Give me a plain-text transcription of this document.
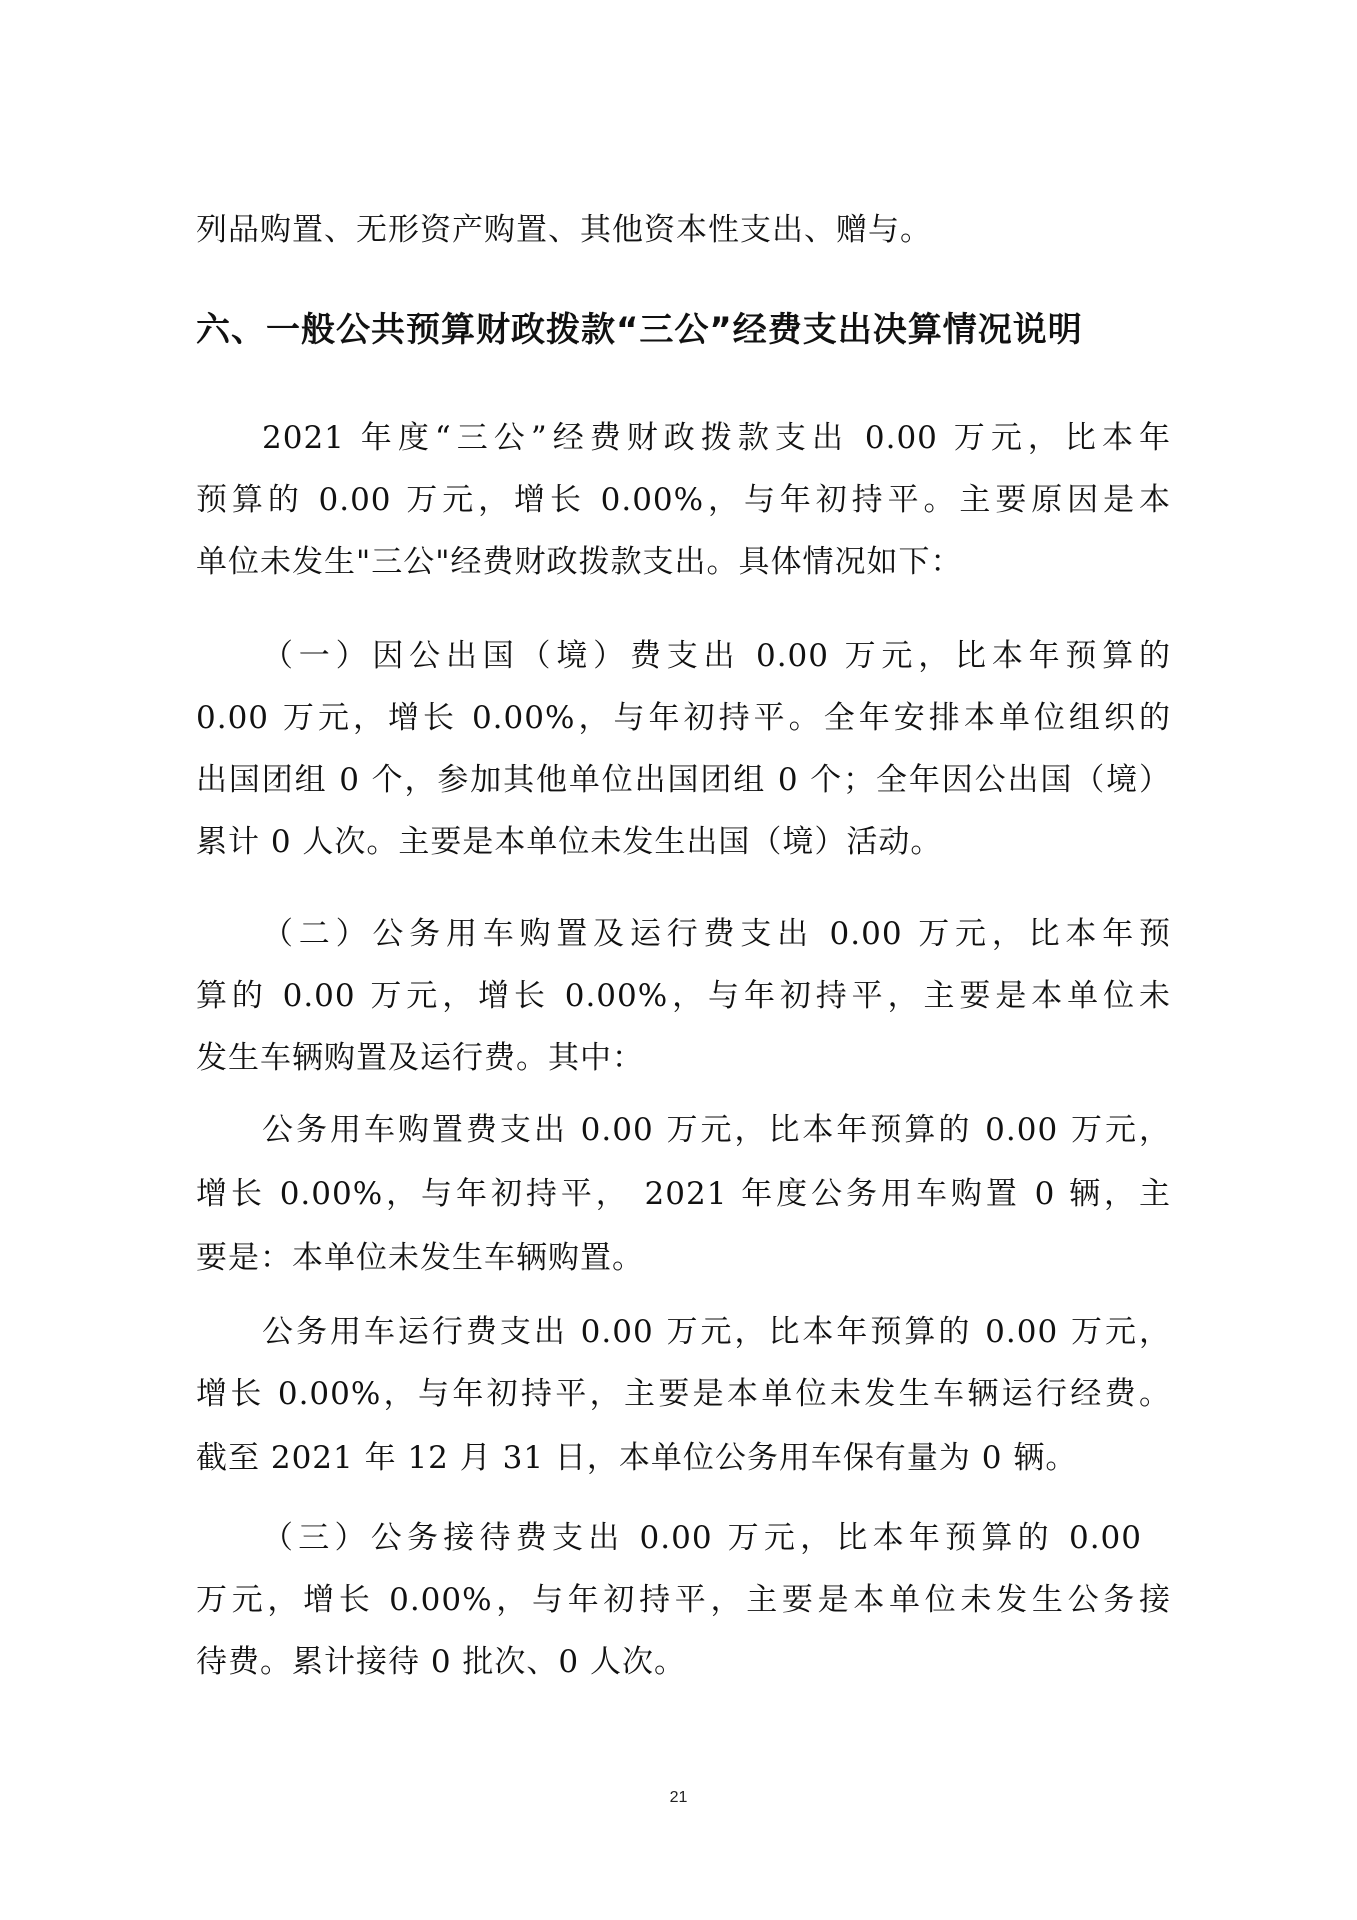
列品购置、无形资产购置、其他资本性支出、赠与。
六、一般公共预算财政拨款“三公”经费支出决算情况说明
2021 年度“三公”经费财政拨款支出 0.00 万元，比本年
预算的 0.00 万元，增长 0.00%，与年初持平。主要原因是本
单位未发生"三公"经费财政拨款支出。具体情况如下：
（一）因公出国（境）费支出 0.00 万元，比本年预算的
0.00 万元，增长 0.00%，与年初持平。全年安排本单位组织的
出国团组 0 个，参加其他单位出国团组 0 个；全年因公出国（境）
累计 0 人次。主要是本单位未发生出国（境）活动。
（二）公务用车购置及运行费支出 0.00 万元，比本年预
算的 0.00 万元，增长 0.00%，与年初持平，主要是本单位未
发生车辆购置及运行费。其中：
公务用车购置费支出 0.00 万元，比本年预算的 0.00 万元，
增长 0.00%，与年初持平， 2021 年度公务用车购置 0 辆，主
要是：本单位未发生车辆购置。
公务用车运行费支出 0.00 万元，比本年预算的 0.00 万元，
增长 0.00%，与年初持平，主要是本单位未发生车辆运行经费。
截至 2021 年 12 月 31 日，本单位公务用车保有量为 0 辆。
（三）公务接待费支出 0.00 万元，比本年预算的 0.00
万元，增长 0.00%，与年初持平，主要是本单位未发生公务接
待费。累计接待 0 批次、0 人次。
21
